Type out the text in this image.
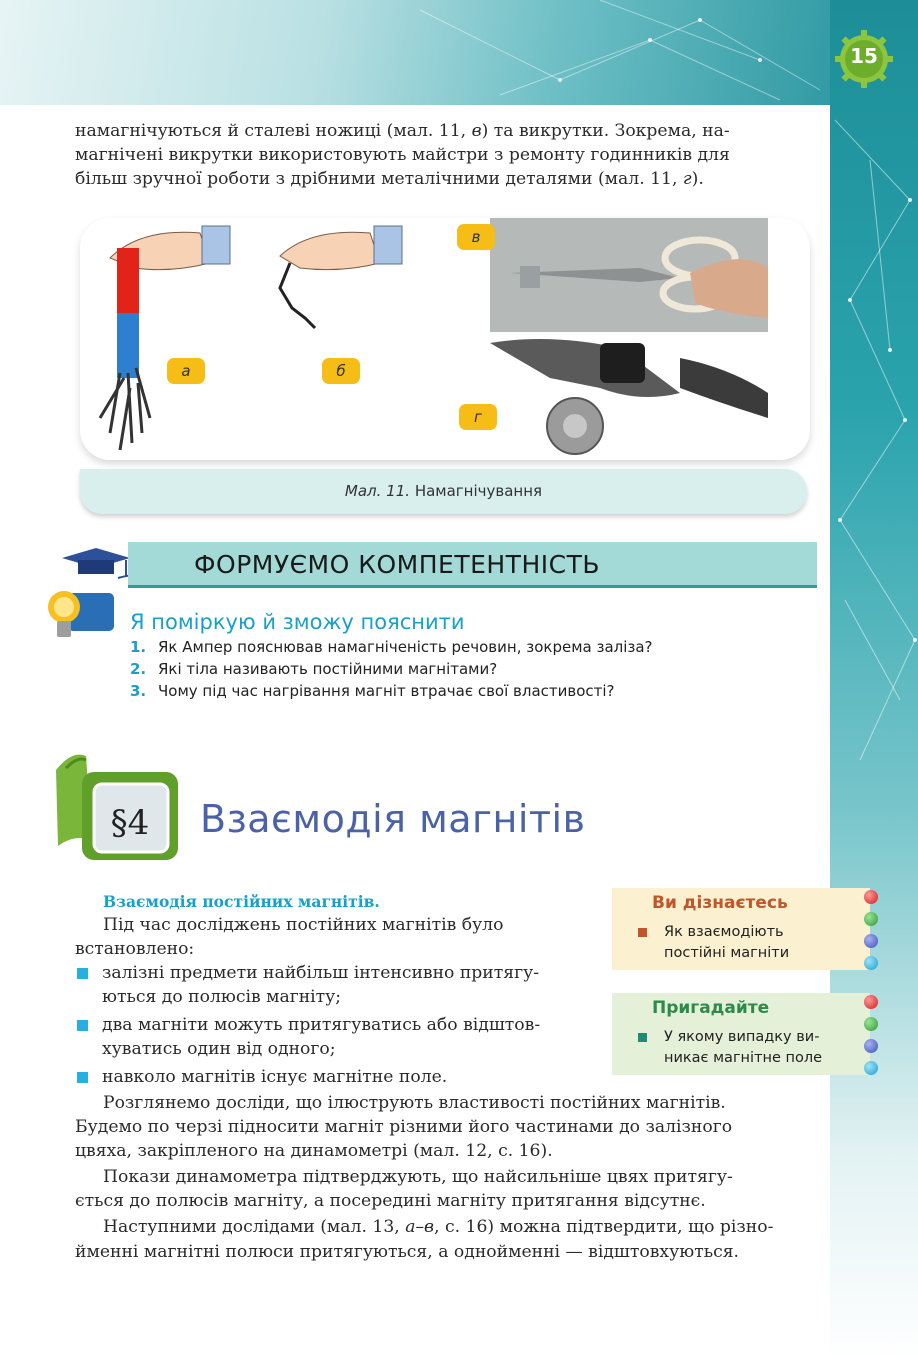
15
намагнічуються й сталеві ножиці (мал. 11, в) та викрутки. Зокрема, на-
магнічені викрутки використовують майстри з ремонту годинників для
більш зручної роботи з дрібними металічними деталями (мал. 11, г).
а	б
в
г
Мал. 11. Намагнічування
ФОРМУЄМО КОМПЕТЕНТНІСТЬ
Я поміркую й зможу пояснити
1. Як Ампер пояснював намагніченість речовин, зокрема заліза?
2. Які тіла називають постійними магнітами?
3. Чому під час нагрівання магніт втрачає свої властивості?
§4	Взаємодія магнітів
Взаємодія постійних магнітів.
Під час досліджень постійних магнітів було
встановлено:
залізні предмети найбільш інтенсивно притягу-
ються до полюсів магніту;
два магніти можуть притягуватись або відштов-
хуватись один від одного;
навколо магнітів існує магнітне поле.
Розглянемо досліди, що ілюструють властивості постійних магнітів.
Будемо по черзі підносити магніт різними його частинами до залізного
цвяха, закріпленого на динамометрі (мал. 12, с. 16).
Покази динамометра підтверджують, що найсильніше цвях притягу-
ється до полюсів магніту, а посередині магніту притягання відсутнє.
Наступними дослідами (мал. 13, а–в, с. 16) можна підтвердити, що різно-
йменні магнітні полюси притягуються, а однойменні — відштовхуються.
Ви дізнаєтесь
Як взаємодіють
постійні магніти
Пригадайте
У якому випадку ви-
никає магнітне поле
